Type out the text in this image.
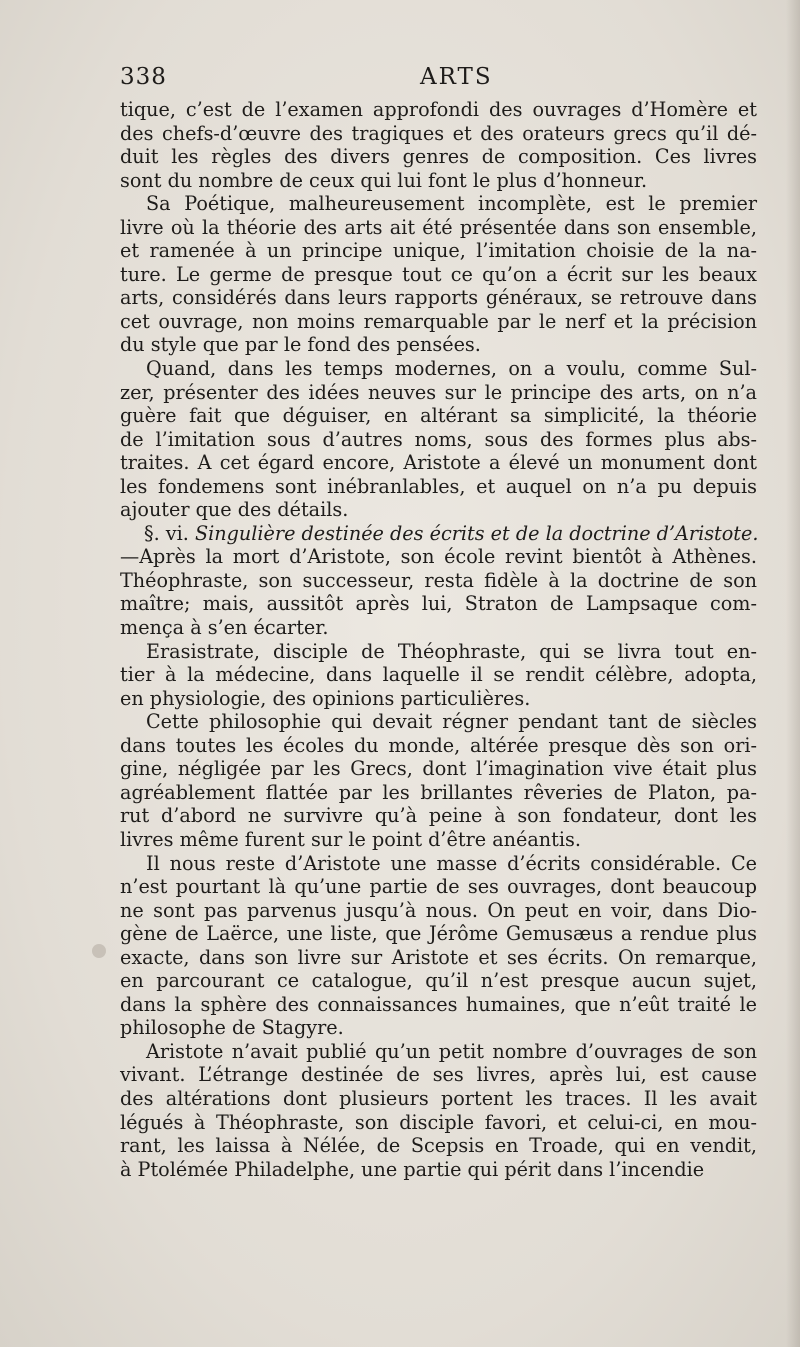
338	ARTS
tique, c’est de l’examen approfondi des ouvrages d’Homère et
des chefs-d’œuvre des tragiques et des orateurs grecs qu’il dé-
duit les règles des divers genres de composition. Ces livres
sont du nombre de ceux qui lui font le plus d’honneur.
Sa Poétique, malheureusement incomplète, est le premier
livre où la théorie des arts ait été présentée dans son ensemble,
et ramenée à un principe unique, l’imitation choisie de la na-
ture. Le germe de presque tout ce qu’on a écrit sur les beaux
arts, considérés dans leurs rapports généraux, se retrouve dans
cet ouvrage, non moins remarquable par le nerf et la précision
du style que par le fond des pensées.
Quand, dans les temps modernes, on a voulu, comme Sul-
zer, présenter des idées neuves sur le principe des arts, on n’a
guère fait que déguiser, en altérant sa simplicité, la théorie
de l’imitation sous d’autres noms, sous des formes plus abs-
traites. A cet égard encore, Aristote a élevé un monument dont
les fondemens sont inébranlables, et auquel on n’a pu depuis
ajouter que des détails.
§. vi. Singulière destinée des écrits et de la doctrine d’Aristote.
—Après la mort d’Aristote, son école revint bientôt à Athènes.
Théophraste, son successeur, resta fidèle à la doctrine de son
maître; mais, aussitôt après lui, Straton de Lampsaque com-
mença à s’en écarter.
Erasistrate, disciple de Théophraste, qui se livra tout en-
tier à la médecine, dans laquelle il se rendit célèbre, adopta,
en physiologie, des opinions particulières.
Cette philosophie qui devait régner pendant tant de siècles
dans toutes les écoles du monde, altérée presque dès son ori-
gine, négligée par les Grecs, dont l’imagination vive était plus
agréablement flattée par les brillantes rêveries de Platon, pa-
rut d’abord ne survivre qu’à peine à son fondateur, dont les
livres même furent sur le point d’être anéantis.
Il nous reste d’Aristote une masse d’écrits considérable. Ce
n’est pourtant là qu’une partie de ses ouvrages, dont beaucoup
ne sont pas parvenus jusqu’à nous. On peut en voir, dans Dio-
gène de Laërce, une liste, que Jérôme Gemusæus a rendue plus
exacte, dans son livre sur Aristote et ses écrits. On remarque,
en parcourant ce catalogue, qu’il n’est presque aucun sujet,
dans la sphère des connaissances humaines, que n’eût traité le
philosophe de Stagyre.
Aristote n’avait publié qu’un petit nombre d’ouvrages de son
vivant. L’étrange destinée de ses livres, après lui, est cause
des altérations dont plusieurs portent les traces. Il les avait
légués à Théophraste, son disciple favori, et celui-ci, en mou-
rant, les laissa à Nélée, de Scepsis en Troade, qui en vendit,
à Ptolémée Philadelphe, une partie qui périt dans l’incendie
